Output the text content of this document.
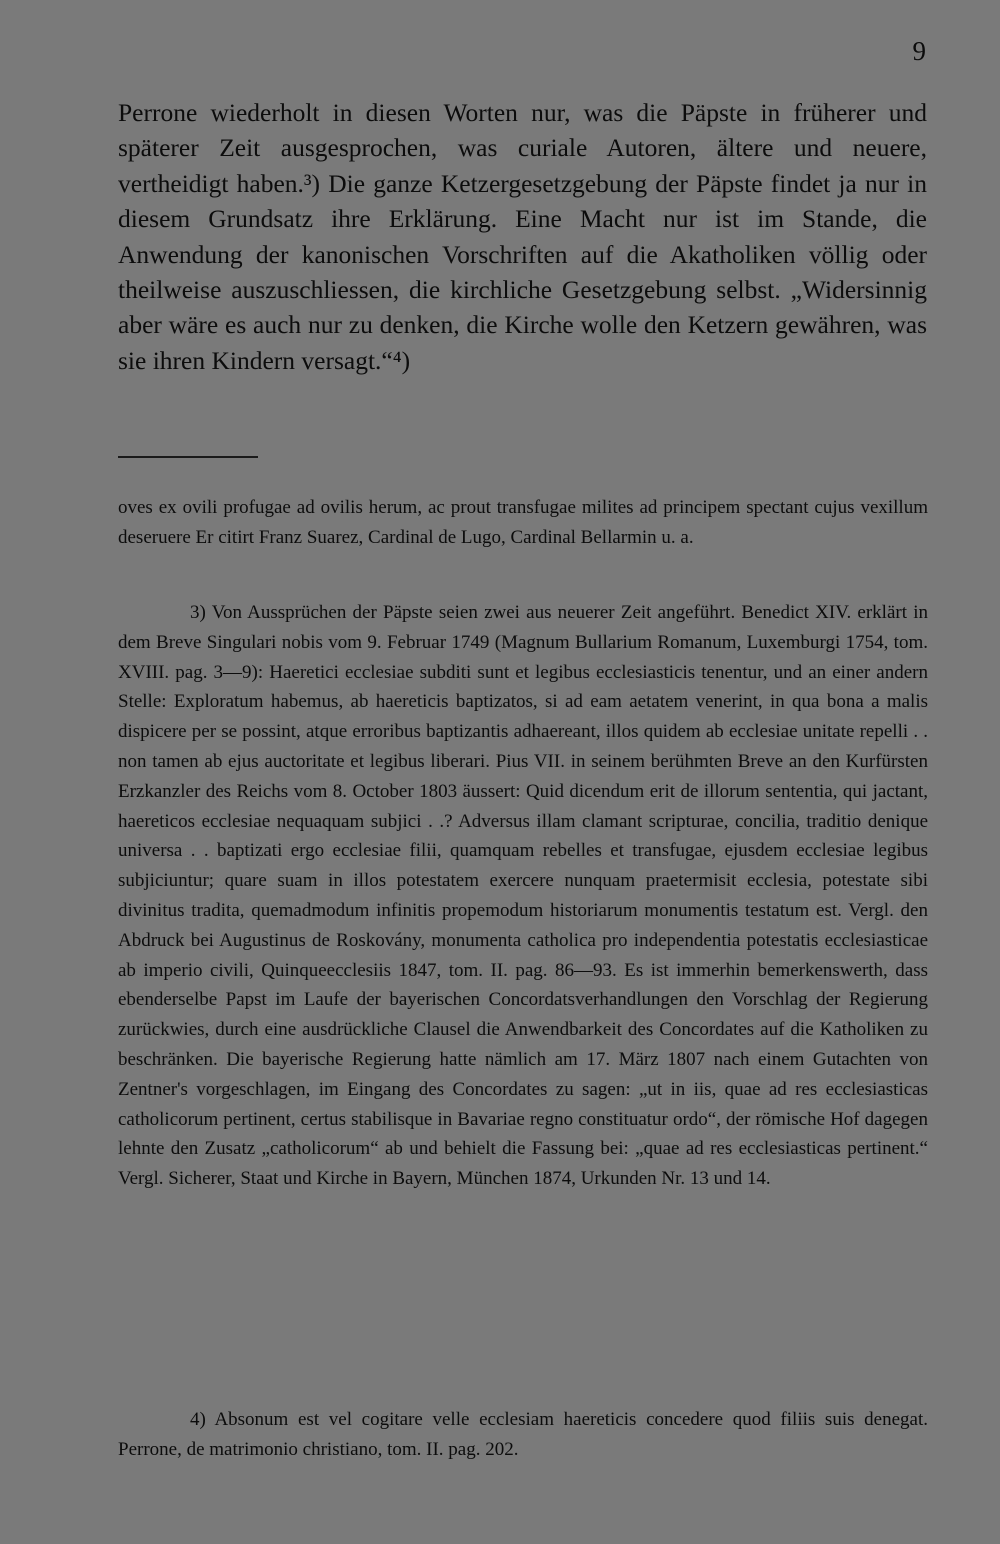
9

Perrone wiederholt in diesen Worten nur, was die Päpste in früherer und späterer Zeit ausgesprochen, was curiale Autoren, ältere und neuere, vertheidigt haben.³) Die ganze Ketzergesetzgebung der Päpste findet ja nur in diesem Grundsatz ihre Erklärung. Eine Macht nur ist im Stande, die Anwendung der kanonischen Vorschriften auf die Akatholiken völlig oder theilweise auszuschliessen, die kirchliche Gesetzgebung selbst. „Widersinnig aber wäre es auch nur zu denken, die Kirche wolle den Ketzern gewähren, was sie ihren Kindern versagt.“⁴)

oves ex ovili profugae ad ovilis herum, ac prout transfugae milites ad principem spectant cujus vexillum deseruere Er citirt Franz Suarez, Cardinal de Lugo, Cardinal Bellarmin u. a.

3) Von Aussprüchen der Päpste seien zwei aus neuerer Zeit angeführt. Benedict XIV. erklärt in dem Breve Singulari nobis vom 9. Februar 1749 (Magnum Bullarium Romanum, Luxemburgi 1754, tom. XVIII. pag. 3—9): Haeretici ecclesiae subditi sunt et legibus ecclesiasticis tenentur, und an einer andern Stelle: Exploratum habemus, ab haereticis baptizatos, si ad eam aetatem venerint, in qua bona a malis dispicere per se possint, atque erroribus baptizantis adhaereant, illos quidem ab ecclesiae unitate repelli . . non tamen ab ejus auctoritate et legibus liberari. Pius VII. in seinem berühmten Breve an den Kurfürsten Erzkanzler des Reichs vom 8. October 1803 äussert: Quid dicendum erit de illorum sententia, qui jactant, haereticos ecclesiae nequaquam subjici . .? Adversus illam clamant scripturae, concilia, traditio denique universa . . baptizati ergo ecclesiae filii, quamquam rebelles et transfugae, ejusdem ecclesiae legibus subjiciuntur; quare suam in illos potestatem exercere nunquam praetermisit ecclesia, potestate sibi divinitus tradita, quemadmodum infinitis propemodum historiarum monumentis testatum est. Vergl. den Abdruck bei Augustinus de Roskovány, monumenta catholica pro independentia potestatis ecclesiasticae ab imperio civili, Quinqueecclesiis 1847, tom. II. pag. 86—93. Es ist immerhin bemerkenswerth, dass ebenderselbe Papst im Laufe der bayerischen Concordatsverhandlungen den Vorschlag der Regierung zurückwies, durch eine ausdrückliche Clausel die Anwendbarkeit des Concordates auf die Katholiken zu beschränken. Die bayerische Regierung hatte nämlich am 17. März 1807 nach einem Gutachten von Zentner's vorgeschlagen, im Eingang des Concordates zu sagen: „ut in iis, quae ad res ecclesiasticas catholicorum pertinent, certus stabilisque in Bavariae regno constituatur ordo“, der römische Hof dagegen lehnte den Zusatz „catholicorum“ ab und behielt die Fassung bei: „quae ad res ecclesiasticas pertinent.“ Vergl. Sicherer, Staat und Kirche in Bayern, München 1874, Urkunden Nr. 13 und 14.

4) Absonum est vel cogitare velle ecclesiam haereticis concedere quod filiis suis denegat. Perrone, de matrimonio christiano, tom. II. pag. 202.
